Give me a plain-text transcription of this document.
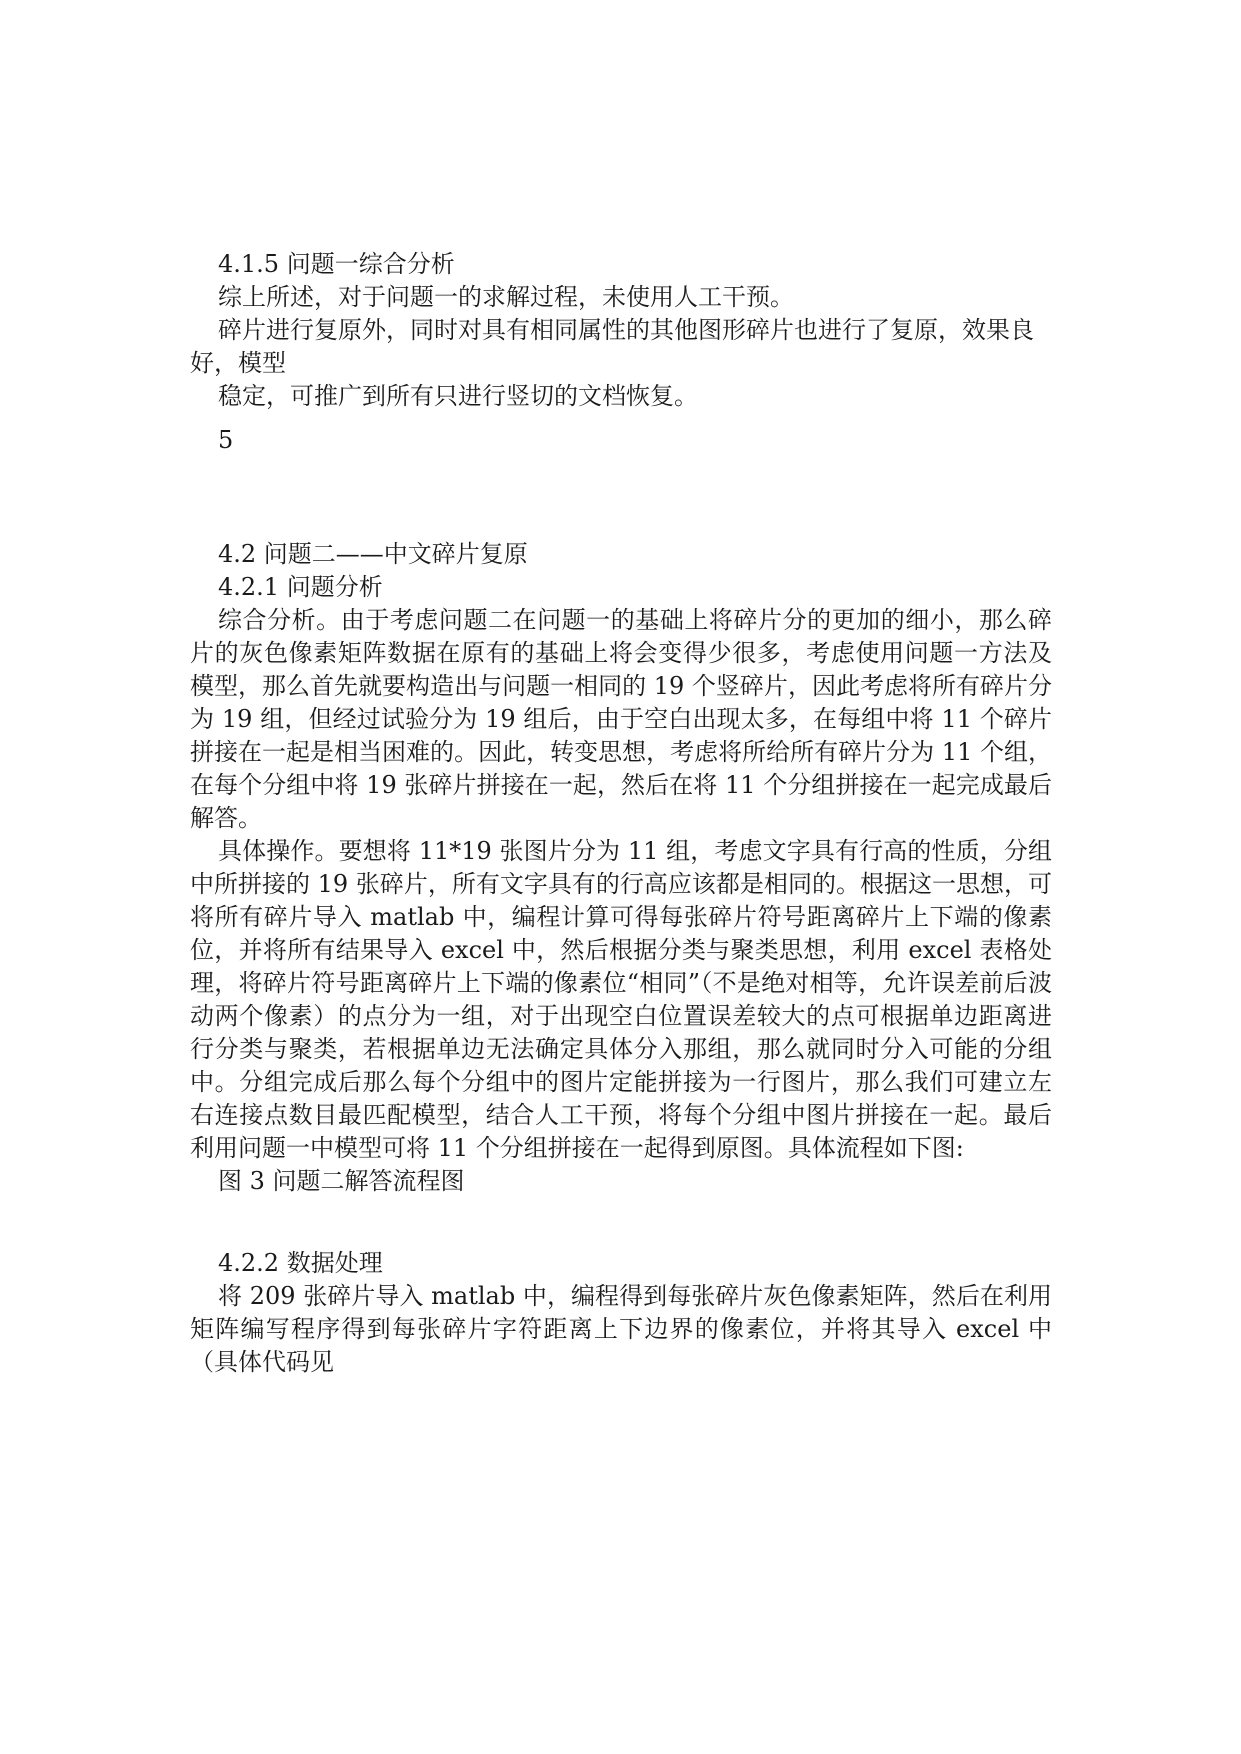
4.1.5 问题一综合分析

综上所述，对于问题一的求解过程，未使用人工干预。

碎片进行复原外，同时对具有相同属性的其他图形碎片也进行了复原，效果良

好，模型

稳定，可推广到所有只进行竖切的文档恢复。

5

4.2 问题二——中文碎片复原

4.2.1 问题分析

综合分析。由于考虑问题二在问题一的基础上将碎片分的更加的细小，那么碎片的灰色像素矩阵数据在原有的基础上将会变得少很多，考虑使用问题一方法及模型，那么首先就要构造出与问题一相同的 19 个竖碎片，因此考虑将所有碎片分为 19 组，但经过试验分为 19 组后，由于空白出现太多，在每组中将 11 个碎片拼接在一起是相当困难的。因此，转变思想，考虑将所给所有碎片分为 11 个组，在每个分组中将 19 张碎片拼接在一起，然后在将 11 个分组拼接在一起完成最后解答。

具体操作。要想将 11*19 张图片分为 11 组，考虑文字具有行高的性质，分组中所拼接的 19 张碎片，所有文字具有的行高应该都是相同的。根据这一思想，可将所有碎片导入 matlab 中，编程计算可得每张碎片符号距离碎片上下端的像素位，并将所有结果导入 excel 中，然后根据分类与聚类思想，利用 excel 表格处理，将碎片符号距离碎片上下端的像素位“相同”（不是绝对相等，允许误差前后波动两个像素）的点分为一组，对于出现空白位置误差较大的点可根据单边距离进行分类与聚类，若根据单边无法确定具体分入那组，那么就同时分入可能的分组中。分组完成后那么每个分组中的图片定能拼接为一行图片，那么我们可建立左右连接点数目最匹配模型，结合人工干预，将每个分组中图片拼接在一起。最后利用问题一中模型可将 11 个分组拼接在一起得到原图。具体流程如下图:

图 3 问题二解答流程图

4.2.2 数据处理

将 209 张碎片导入 matlab 中，编程得到每张碎片灰色像素矩阵，然后在利用矩阵编写程序得到每张碎片字符距离上下边界的像素位，并将其导入 excel 中（具体代码见
